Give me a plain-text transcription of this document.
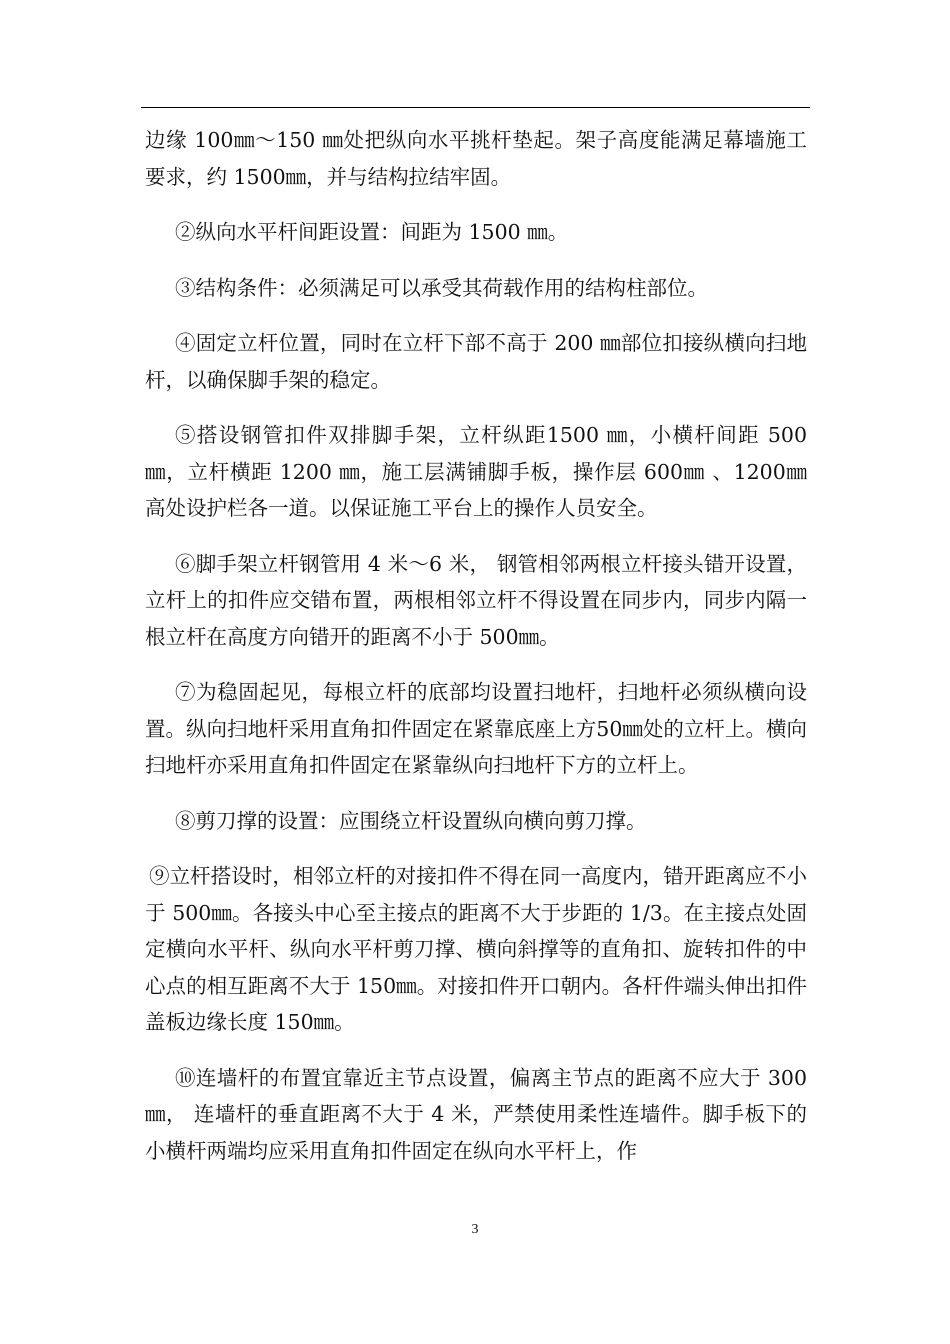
边缘 100㎜～150 ㎜处把纵向水平挑杆垫起。架子高度能满足幕墙施工要求，约 1500㎜，并与结构拉结牢固。

②纵向水平杆间距设置：间距为 1500 ㎜。

③结构条件：必须满足可以承受其荷载作用的结构柱部位。

④固定立杆位置，同时在立杆下部不高于 200 ㎜部位扣接纵横向扫地杆，以确保脚手架的稳定。

⑤搭设钢管扣件双排脚手架，立杆纵距1500 ㎜，小横杆间距 500 ㎜，立杆横距 1200 ㎜，施工层满铺脚手板，操作层 600㎜ 、1200㎜ 高处设护栏各一道。以保证施工平台上的操作人员安全。

⑥脚手架立杆钢管用 4 米～6 米， 钢管相邻两根立杆接头错开设置，立杆上的扣件应交错布置，两根相邻立杆不得设置在同步内，同步内隔一根立杆在高度方向错开的距离不小于 500㎜。

⑦为稳固起见，每根立杆的底部均设置扫地杆，扫地杆必须纵横向设置。纵向扫地杆采用直角扣件固定在紧靠底座上方50㎜处的立杆上。横向扫地杆亦采用直角扣件固定在紧靠纵向扫地杆下方的立杆上。

⑧剪刀撑的设置：应围绕立杆设置纵向横向剪刀撑。

⑨立杆搭设时，相邻立杆的对接扣件不得在同一高度内，错开距离应不小于 500㎜。各接头中心至主接点的距离不大于步距的 1/3。在主接点处固定横向水平杆、纵向水平杆剪刀撑、横向斜撑等的直角扣、旋转扣件的中心点的相互距离不大于 150㎜。对接扣件开口朝内。各杆件端头伸出扣件盖板边缘长度 150㎜。

⑩连墙杆的布置宜靠近主节点设置，偏离主节点的距离不应大于 300 ㎜， 连墙杆的垂直距离不大于 4 米，严禁使用柔性连墙件。脚手板下的小横杆两端均应采用直角扣件固定在纵向水平杆上，作

3
